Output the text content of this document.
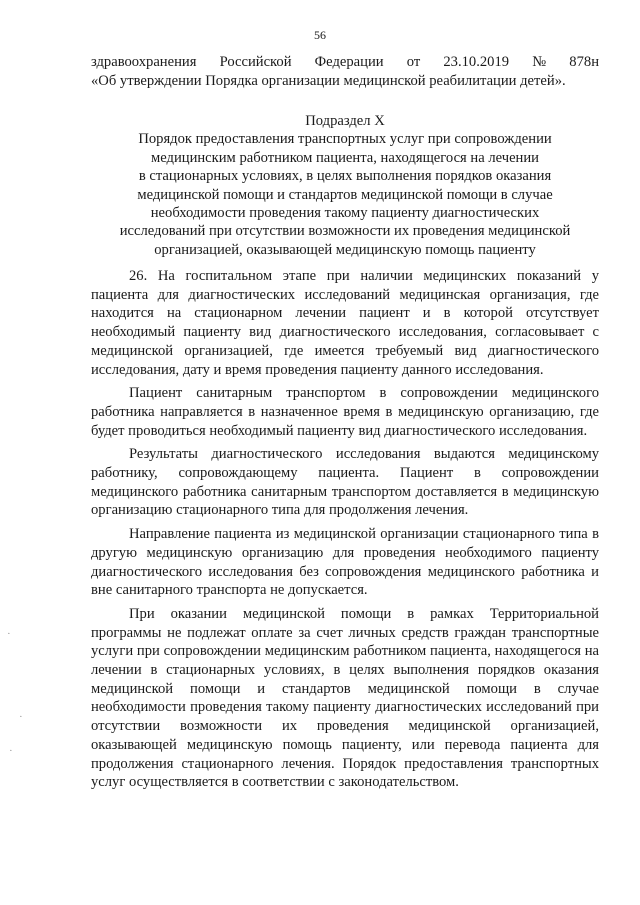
56
здравоохранения Российской Федерации от 23.10.2019 № 878н
«Об утверждении Порядка организации медицинской реабилитации детей».
Подраздел X
Порядок предоставления транспортных услуг при сопровождении
медицинским работником пациента, находящегося на лечении
в стационарных условиях, в целях выполнения порядков оказания
медицинской помощи и стандартов медицинской помощи в случае
необходимости проведения такому пациенту диагностических
исследований при отсутствии возможности их проведения медицинской
организацией, оказывающей медицинскую помощь пациенту

26. На госпитальном этапе при наличии медицинских показаний у пациента для диагностических исследований медицинская организация, где находится на стационарном лечении пациент и в которой отсутствует необходимый пациенту вид диагностического исследования, согласовывает с медицинской организацией, где имеется требуемый вид диагностического исследования, дату и время проведения пациенту данного исследования.

Пациент санитарным транспортом в сопровождении медицинского работника направляется в назначенное время в медицинскую организацию, где будет проводиться необходимый пациенту вид диагностического исследования.

Результаты диагностического исследования выдаются медицинскому работнику, сопровождающему пациента. Пациент в сопровождении медицинского работника санитарным транспортом доставляется в медицинскую организацию стационарного типа для продолжения лечения.

Направление пациента из медицинской организации стационарного типа в другую медицинскую организацию для проведения необходимого пациенту диагностического исследования без сопровождения медицинского работника и вне санитарного транспорта не допускается.

При оказании медицинской помощи в рамках Территориальной программы не подлежат оплате за счет личных средств граждан транспортные услуги при сопровождении медицинским работником пациента, находящегося на лечении в стационарных условиях, в целях выполнения порядков оказания медицинской помощи и стандартов медицинской помощи в случае необходимости проведения такому пациенту диагностических исследований при отсутствии возможности их проведения медицинской организацией, оказывающей медицинскую помощь пациенту, или перевода пациента для продолжения стационарного лечения. Порядок предоставления транспортных услуг осуществляется в соответствии с законодательством.

·
·
·
